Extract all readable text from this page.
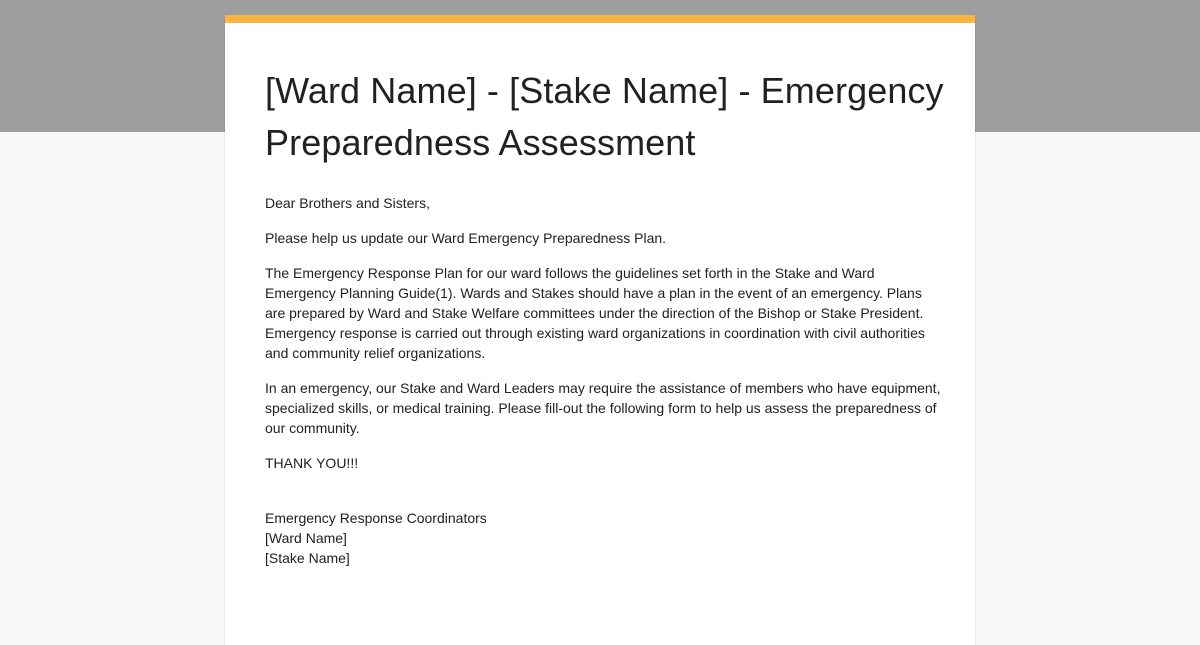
[Ward Name] - [Stake Name] - Emergency Preparedness Assessment

Dear Brothers and Sisters,

Please help us update our Ward Emergency Preparedness Plan.

The Emergency Response Plan for our ward follows the guidelines set forth in the Stake and Ward Emergency Planning Guide(1). Wards and Stakes should have a plan in the event of an emergency. Plans are prepared by Ward and Stake Welfare committees under the direction of the Bishop or Stake President. Emergency response is carried out through existing ward organizations in coordination with civil authorities and community relief organizations.

In an emergency, our Stake and Ward Leaders may require the assistance of members who have equipment, specialized skills, or medical training. Please fill-out the following form to help us assess the preparedness of our community.

THANK YOU!!!

Emergency Response Coordinators
[Ward Name]
[Stake Name]
